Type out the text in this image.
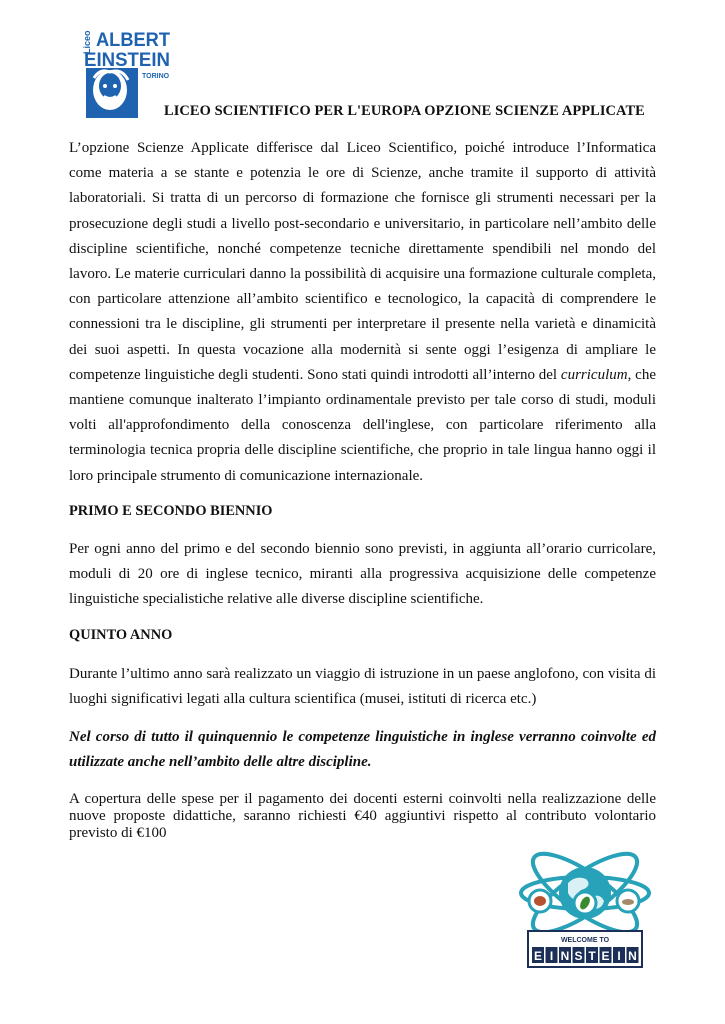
Liceo ALBERT
EINSTEIN
TORINO
LICEO SCIENTIFICO PER L'EUROPA OPZIONE SCIENZE APPLICATE

L’opzione Scienze Applicate differisce dal Liceo Scientifico, poiché introduce l’Informatica come materia a se stante e potenzia le ore di Scienze, anche tramite il supporto di attività laboratoriali. Si tratta di un percorso di formazione che fornisce gli strumenti necessari per la prosecuzione degli studi a livello post-secondario e universitario, in particolare nell’ambito delle discipline scientifiche, nonché competenze tecniche direttamente spendibili nel mondo del lavoro. Le materie curriculari danno la possibilità di acquisire una formazione culturale completa, con particolare attenzione all’ambito scientifico e tecnologico, la capacità di comprendere le connessioni tra le discipline, gli strumenti per interpretare il presente nella varietà e dinamicità dei suoi aspetti. In questa vocazione alla modernità si sente oggi l’esigenza di ampliare le competenze linguistiche degli studenti. Sono stati quindi introdotti all’interno del curriculum, che mantiene comunque inalterato l’impianto ordinamentale previsto per tale corso di studi, moduli volti all'approfondimento della conoscenza dell'inglese, con particolare riferimento alla terminologia tecnica propria delle discipline scientifiche, che proprio in tale lingua hanno oggi il loro principale strumento di comunicazione internazionale.

PRIMO E SECONDO BIENNIO

Per ogni anno del primo e del secondo biennio sono previsti, in aggiunta all’orario curricolare, moduli di 20 ore di inglese tecnico, miranti alla progressiva acquisizione delle competenze linguistiche specialistiche relative alle diverse discipline scientifiche.

QUINTO ANNO

Durante l’ultimo anno sarà realizzato un viaggio di istruzione in un paese anglofono, con visita di luoghi significativi legati alla cultura scientifica (musei, istituti di ricerca etc.)

Nel corso di tutto il quinquennio le competenze linguistiche in inglese verranno coinvolte ed utilizzate anche nell’ambito delle altre discipline.

A copertura delle spese per il pagamento dei docenti esterni coinvolti nella realizzazione delle nuove proposte didattiche, saranno richiesti €40 aggiuntivi rispetto al contributo volontario previsto di €100

WELCOME TO
E I N S T E I N
